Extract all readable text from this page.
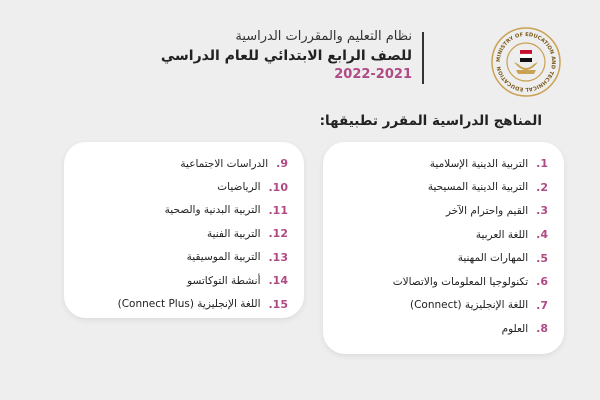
MINISTRY OF EDUCATION AND TECHNICAL EDUCATION
نظام التعليم والمقررات الدراسية
للصف الرابع الابتدائي للعام الدراسي
2022-2021
المناهج الدراسية المقرر تطبيقها:
.1
التربية الدينية الإسلامية
.2
التربية الدينية المسيحية
.3
القيم واحترام الآخر
.4
اللغة العربية
.5
المهارات المهنية
.6
تكنولوجيا المعلومات والاتصالات
.7
اللغة الإنجليزية (Connect)
.8
العلوم
.9
الدراسات الاجتماعية
.10
الرياضيات
.11
التربية البدنية والصحية
.12
التربية الفنية
.13
التربية الموسيقية
.14
أنشطة التوكاتسو
.15
اللغة الإنجليزية (Connect Plus)
